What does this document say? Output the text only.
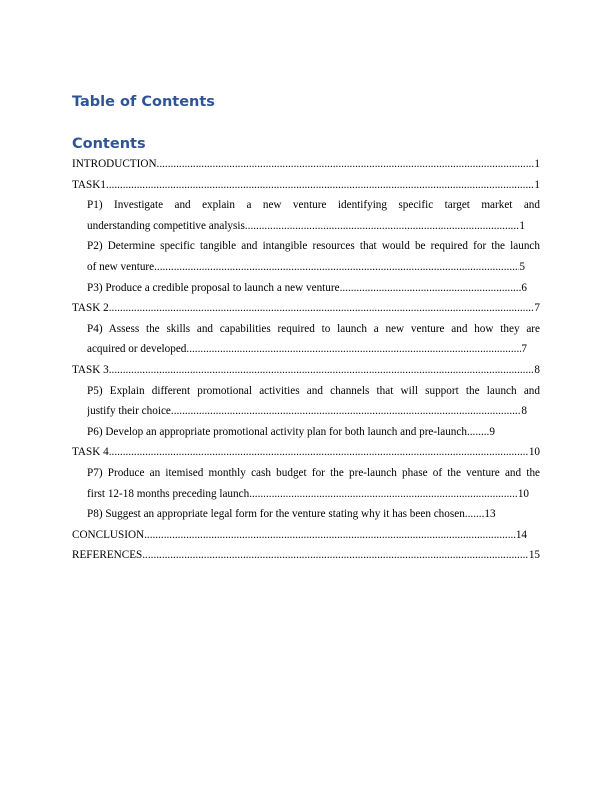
Table of Contents
Contents
INTRODUCTION .....	1
TASK1 .....	1
P1) Investigate and explain a new venture identifying specific target market and
understanding competitive analysis .....	1
P2) Determine specific tangible and intangible resources that would be required for the launch
of new venture .....	5
P3) Produce a credible proposal to launch a new venture .....	6
TASK 2 .....	7
P4) Assess the skills and capabilities required to launch a new venture and how they are
acquired or developed .....	7
TASK 3 .....	8
P5) Explain different promotional activities and channels that will support the launch and
justify their choice .....	8
P6) Develop an appropriate promotional activity plan for both launch and pre-launch ........ 9
TASK 4 .....	10
P7) Produce an itemised monthly cash budget for the pre-launch phase of the venture and the
first 12-18 months preceding launch .....	10
P8) Suggest an appropriate legal form for the venture stating why it has been chosen ....... 13
CONCLUSION .....	14
REFERENCES .....	15
